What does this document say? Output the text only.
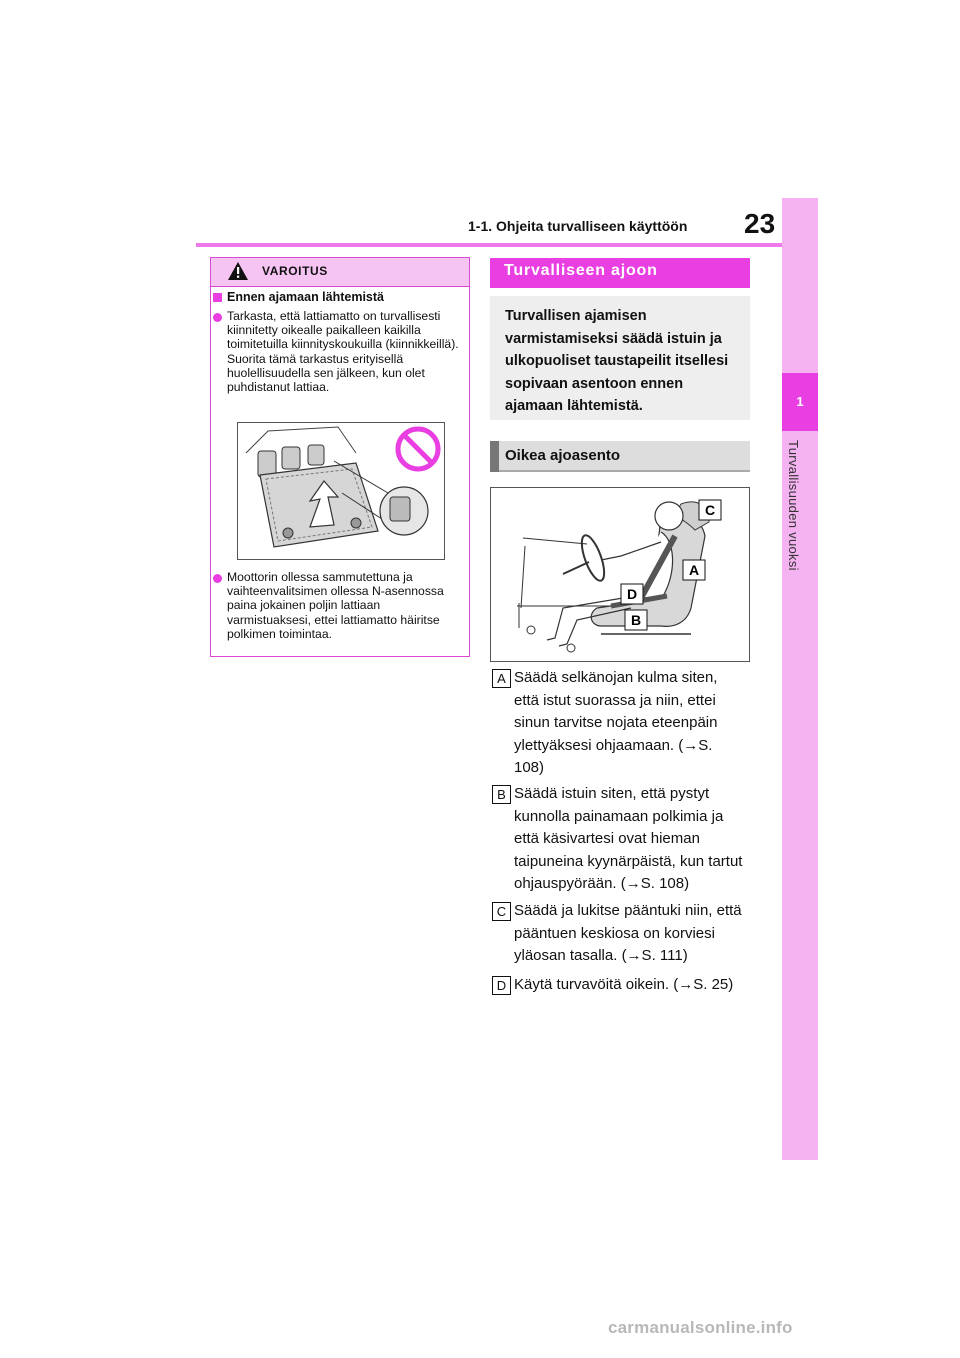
1-1. Ohjeita turvalliseen käyttöön 23
1
Turvallisuuden vuoksi
VAROITUS
Ennen ajamaan lähtemistä
Tarkasta, että lattiamatto on turvallisesti kiinnitetty oikealle paikalleen kaikilla toimitetuilla kiinnityskoukuilla (kiinnikkeillä). Suorita tämä tarkastus erityisellä huolellisuudella sen jälkeen, kun olet puhdistanut lattiaa.
Moottorin ollessa sammutettuna ja vaihteenvalitsimen ollessa N-asennossa paina jokainen poljin lattiaan varmistuaksesi, ettei lattiamatto häiritse polkimen toimintaa.
Turvalliseen ajoon
Turvallisen ajamisen varmistamiseksi säädä istuin ja ulkopuoliset taustapeilit itsellesi sopivaan asentoon ennen ajamaan lähtemistä.
Oikea ajoasento
C
A
D
B
A Säädä selkänojan kulma siten, että istut suorassa ja niin, ettei sinun tarvitse nojata eteenpäin ylettyäksesi ohjaamaan. (→S. 108)
B Säädä istuin siten, että pystyt kunnolla painamaan polkimia ja että käsivartesi ovat hieman taipuneina kyynärpäistä, kun tartut ohjauspyörään. (→S. 108)
C Säädä ja lukitse pääntuki niin, että pääntuen keskiosa on korviesi yläosan tasalla. (→S. 111)
D Käytä turvavöitä oikein. (→S. 25)
carmanualsonline.info
